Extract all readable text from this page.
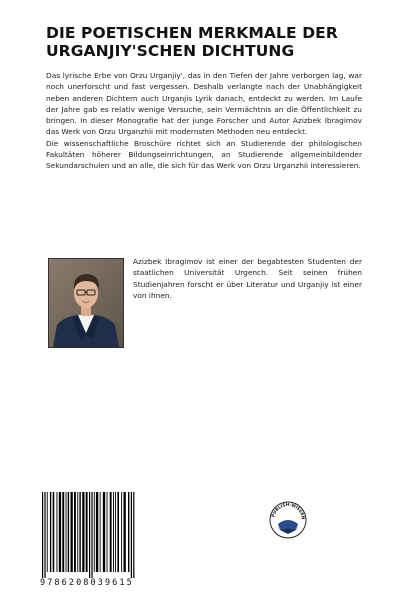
DIE POETISCHEN MERKMALE DER
URGANJIY'SCHEN DICHTUNG

Das lyrische Erbe von Orzu Urganjiy', das in den Tiefen der Jahre verborgen lag, war noch unerforscht und fast vergessen. Deshalb verlangte nach der Unabhängigkeit neben anderen Dichtern auch Urganjis Lyrik danach, entdeckt zu werden. Im Laufe der Jahre gab es relativ wenige Versuche, sein Vermächtnis an die Öffentlichkeit zu bringen. In dieser Monografie hat der junge Forscher und Autor Azizbek Ibragimov das Werk von Orzu Urganzhii mit modernsten Methoden neu entdeckt.

Die wissenschaftliche Broschüre richtet sich an Studierende der philologischen Fakultäten höherer Bildungseinrichtungen, an Studierende allgemeinbildender Sekundarschulen und an alle, die sich für das Werk von Orzu Urganzhii interessieren.

Azizbek Ibragimov ist einer der begabtesten Studenten der staatlichen Universität Urgench. Seit seinen frühen Studienjahren forscht er über Literatur und Urganjiy ist einer von ihnen.

9786208039615
PUBLISH-WISSEN
